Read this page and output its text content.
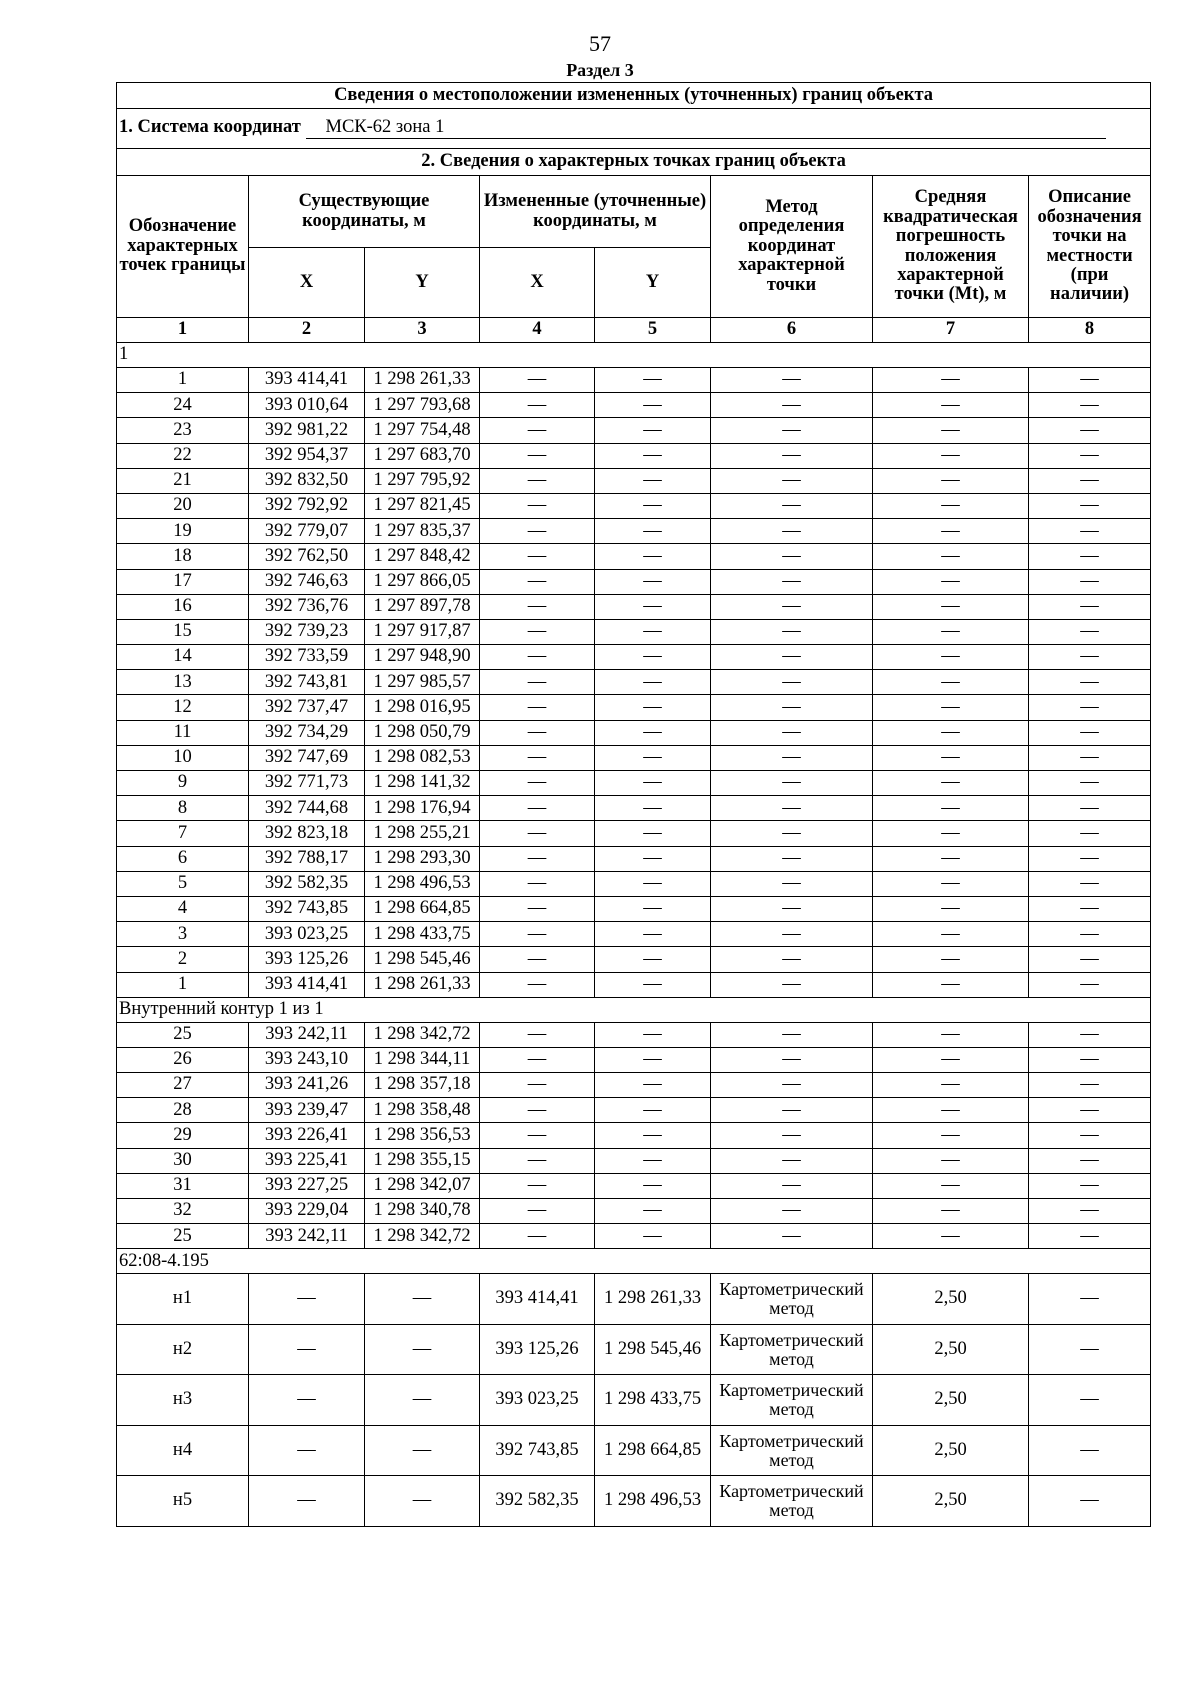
57
Раздел 3
Сведения о местоположении измененных (уточненных) границ объекта							
1. Система координат МСК-62 зона 1							
2. Сведения о характерных точках границ объекта							
Обозначение характерных точек границы	Существующие координаты, м		Измененные (уточненные) координаты, м		Метод определения координат характерной точки	Средняя квадратическая погрешность положения характерной точки (Mt), м	Описание обозначения точки на местности (при наличии)
	X	Y	X	Y			
1	2	3	4	5	6	7	8
1							
1	393 414,41	1 298 261,33	—	—	—	—	—
24	393 010,64	1 297 793,68	—	—	—	—	—
23	392 981,22	1 297 754,48	—	—	—	—	—
22	392 954,37	1 297 683,70	—	—	—	—	—
21	392 832,50	1 297 795,92	—	—	—	—	—
20	392 792,92	1 297 821,45	—	—	—	—	—
19	392 779,07	1 297 835,37	—	—	—	—	—
18	392 762,50	1 297 848,42	—	—	—	—	—
17	392 746,63	1 297 866,05	—	—	—	—	—
16	392 736,76	1 297 897,78	—	—	—	—	—
15	392 739,23	1 297 917,87	—	—	—	—	—
14	392 733,59	1 297 948,90	—	—	—	—	—
13	392 743,81	1 297 985,57	—	—	—	—	—
12	392 737,47	1 298 016,95	—	—	—	—	—
11	392 734,29	1 298 050,79	—	—	—	—	—
10	392 747,69	1 298 082,53	—	—	—	—	—
9	392 771,73	1 298 141,32	—	—	—	—	—
8	392 744,68	1 298 176,94	—	—	—	—	—
7	392 823,18	1 298 255,21	—	—	—	—	—
6	392 788,17	1 298 293,30	—	—	—	—	—
5	392 582,35	1 298 496,53	—	—	—	—	—
4	392 743,85	1 298 664,85	—	—	—	—	—
3	393 023,25	1 298 433,75	—	—	—	—	—
2	393 125,26	1 298 545,46	—	—	—	—	—
1	393 414,41	1 298 261,33	—	—	—	—	—
Внутренний контур 1 из 1							
25	393 242,11	1 298 342,72	—	—	—	—	—
26	393 243,10	1 298 344,11	—	—	—	—	—
27	393 241,26	1 298 357,18	—	—	—	—	—
28	393 239,47	1 298 358,48	—	—	—	—	—
29	393 226,41	1 298 356,53	—	—	—	—	—
30	393 225,41	1 298 355,15	—	—	—	—	—
31	393 227,25	1 298 342,07	—	—	—	—	—
32	393 229,04	1 298 340,78	—	—	—	—	—
25	393 242,11	1 298 342,72	—	—	—	—	—
62:08-4.195							
н1	—	—	393 414,41	1 298 261,33	Картометрический метод	2,50	—
н2	—	—	393 125,26	1 298 545,46	Картометрический метод	2,50	—
н3	—	—	393 023,25	1 298 433,75	Картометрический метод	2,50	—
н4	—	—	392 743,85	1 298 664,85	Картометрический метод	2,50	—
н5	—	—	392 582,35	1 298 496,53	Картометрический метод	2,50	—
